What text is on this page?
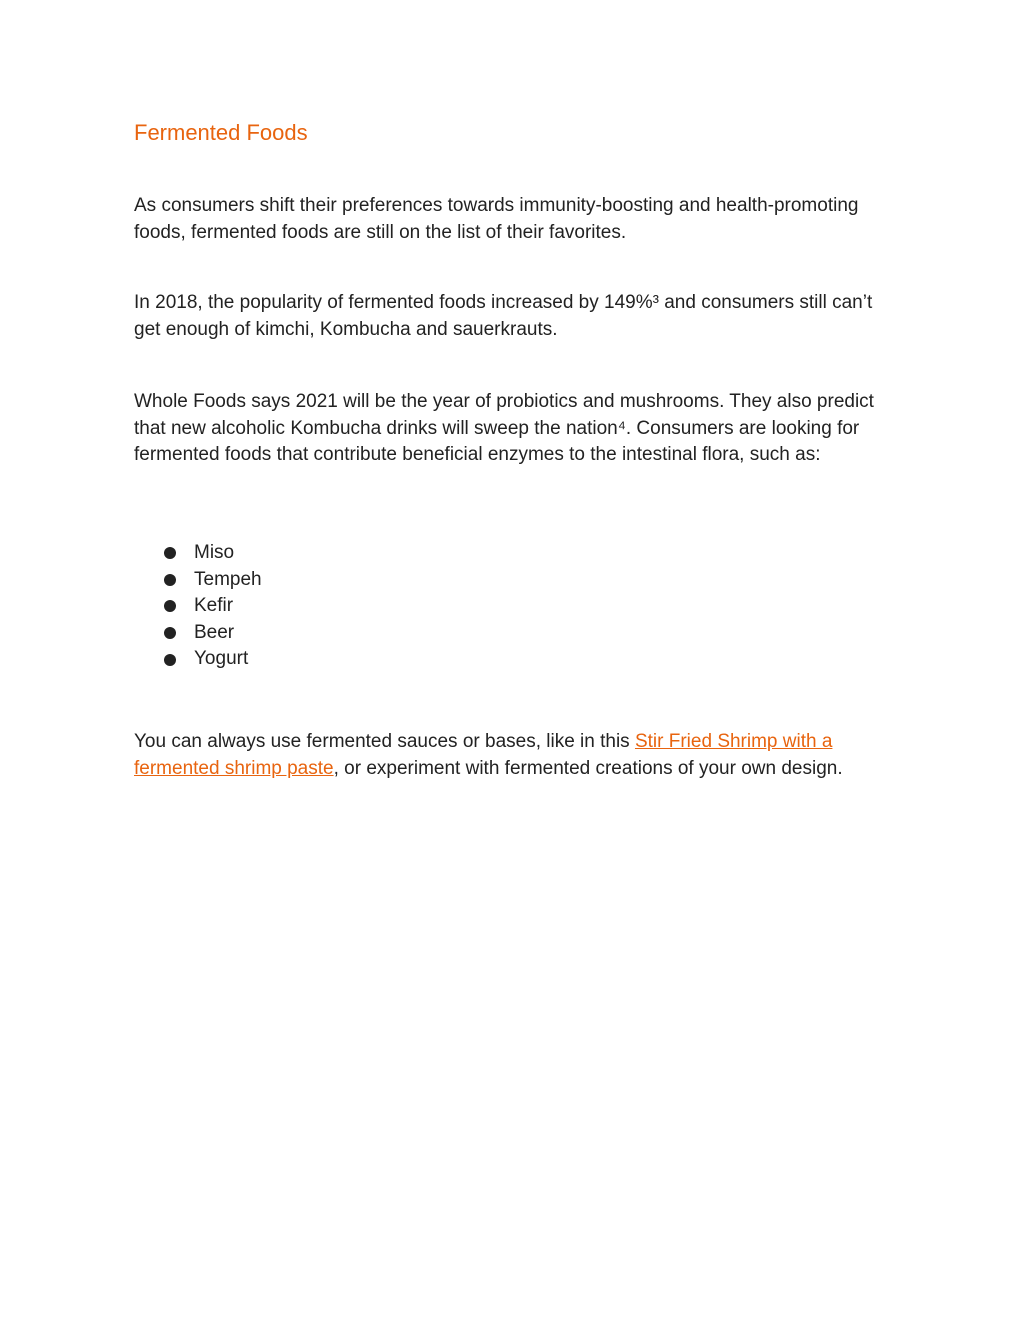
Fermented Foods

As consumers shift their preferences towards immunity-boosting and health-promoting foods, fermented foods are still on the list of their favorites.

In 2018, the popularity of fermented foods increased by 149%³ and consumers still can’t get enough of kimchi, Kombucha and sauerkrauts.

Whole Foods says 2021 will be the year of probiotics and mushrooms. They also predict that new alcoholic Kombucha drinks will sweep the nation⁴. Consumers are looking for fermented foods that contribute beneficial enzymes to the intestinal flora, such as:

Miso
Tempeh
Kefir
Beer
Yogurt

You can always use fermented sauces or bases, like in this Stir Fried Shrimp with a fermented shrimp paste, or experiment with fermented creations of your own design.
